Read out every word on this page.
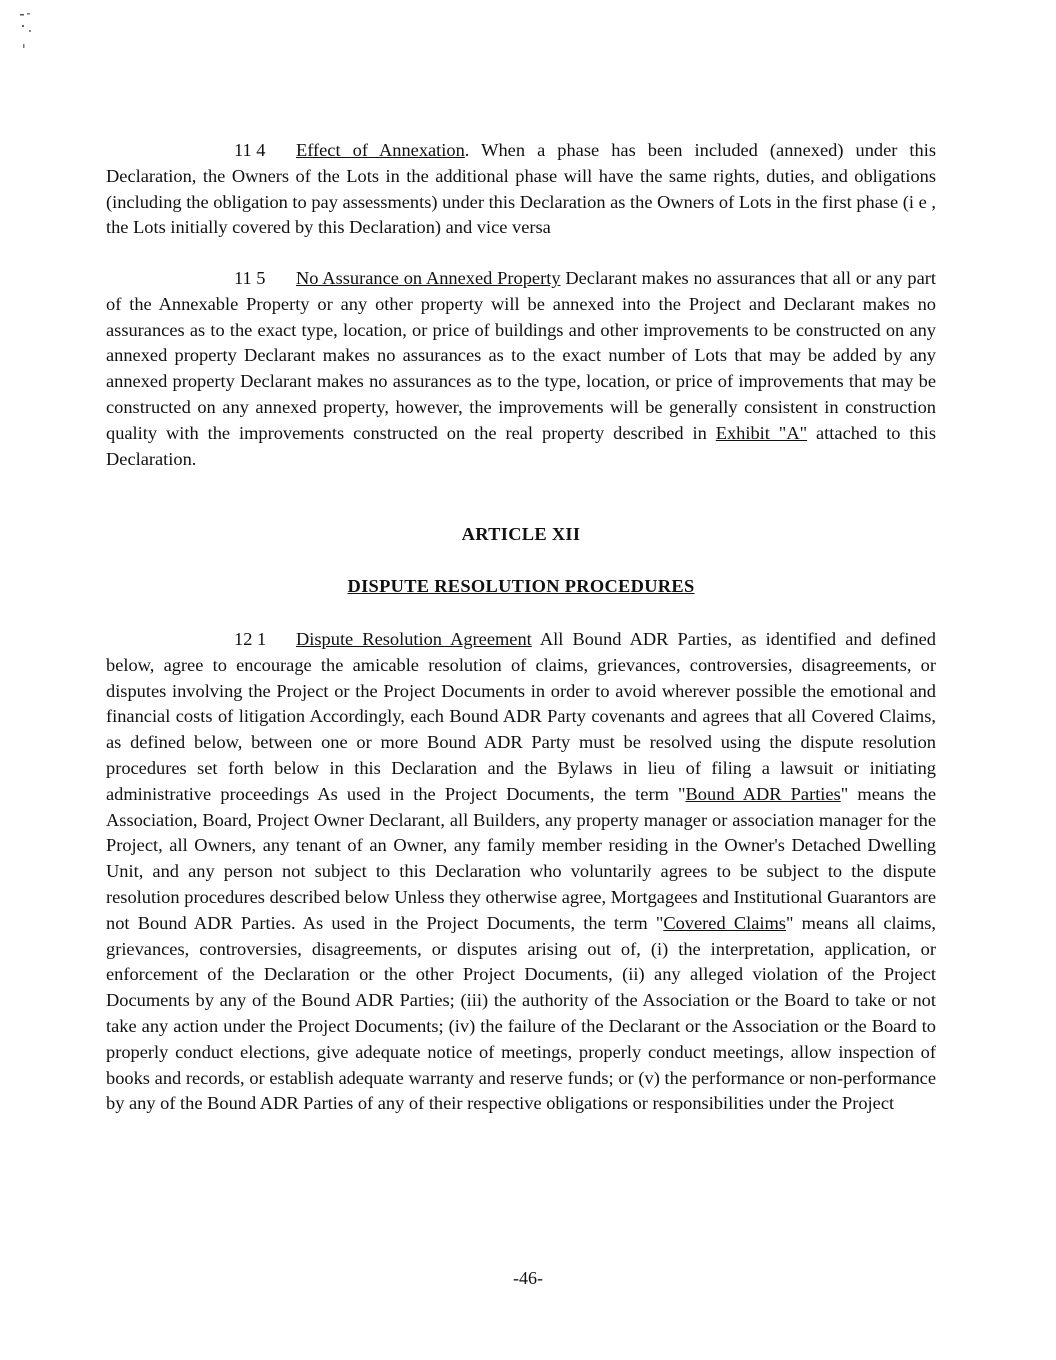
11 4 Effect of Annexation. When a phase has been included (annexed) under this Declaration, the Owners of the Lots in the additional phase will have the same rights, duties, and obligations (including the obligation to pay assessments) under this Declaration as the Owners of Lots in the first phase (i e , the Lots initially covered by this Declaration) and vice versa
11 5 No Assurance on Annexed Property Declarant makes no assurances that all or any part of the Annexable Property or any other property will be annexed into the Project and Declarant makes no assurances as to the exact type, location, or price of buildings and other improvements to be constructed on any annexed property Declarant makes no assurances as to the exact number of Lots that may be added by any annexed property Declarant makes no assurances as to the type, location, or price of improvements that may be constructed on any annexed property, however, the improvements will be generally consistent in construction quality with the improvements constructed on the real property described in Exhibit "A" attached to this Declaration.
ARTICLE XII
DISPUTE RESOLUTION PROCEDURES
12 1 Dispute Resolution Agreement All Bound ADR Parties, as identified and defined below, agree to encourage the amicable resolution of claims, grievances, controversies, disagreements, or disputes involving the Project or the Project Documents in order to avoid wherever possible the emotional and financial costs of litigation Accordingly, each Bound ADR Party covenants and agrees that all Covered Claims, as defined below, between one or more Bound ADR Party must be resolved using the dispute resolution procedures set forth below in this Declaration and the Bylaws in lieu of filing a lawsuit or initiating administrative proceedings As used in the Project Documents, the term "Bound ADR Parties" means the Association, Board, Project Owner Declarant, all Builders, any property manager or association manager for the Project, all Owners, any tenant of an Owner, any family member residing in the Owner's Detached Dwelling Unit, and any person not subject to this Declaration who voluntarily agrees to be subject to the dispute resolution procedures described below Unless they otherwise agree, Mortgagees and Institutional Guarantors are not Bound ADR Parties. As used in the Project Documents, the term "Covered Claims" means all claims, grievances, controversies, disagreements, or disputes arising out of, (i) the interpretation, application, or enforcement of the Declaration or the other Project Documents, (ii) any alleged violation of the Project Documents by any of the Bound ADR Parties; (iii) the authority of the Association or the Board to take or not take any action under the Project Documents; (iv) the failure of the Declarant or the Association or the Board to properly conduct elections, give adequate notice of meetings, properly conduct meetings, allow inspection of books and records, or establish adequate warranty and reserve funds; or (v) the performance or non-performance by any of the Bound ADR Parties of any of their respective obligations or responsibilities under the Project
-46-
